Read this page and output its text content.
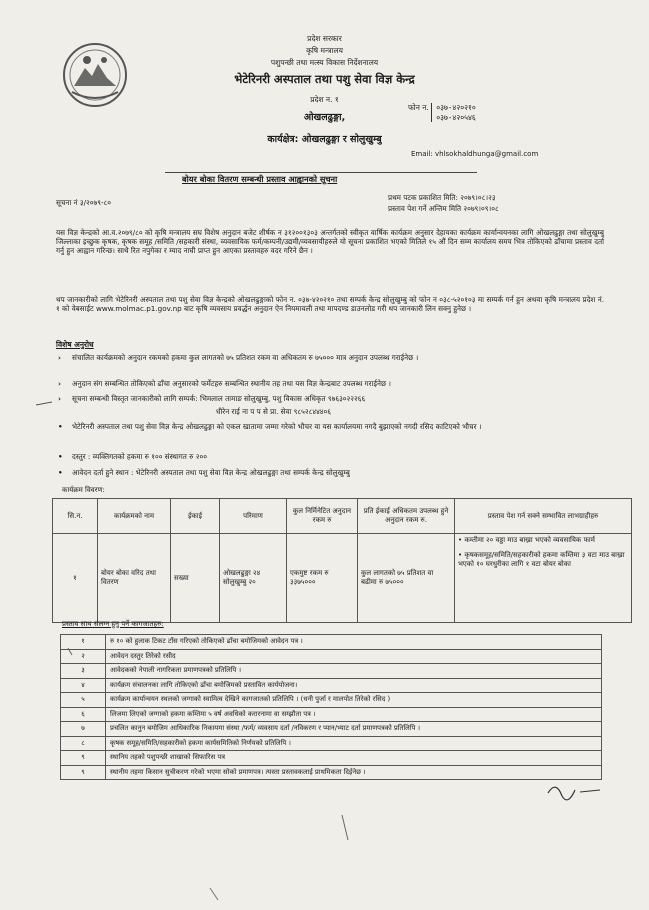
प्रदेश सरकार
कृषि मन्त्रालय
पशुपन्छी तथा मत्स्य विकास निर्देशनालय
भेटेरिनरी अस्पताल तथा पशु सेवा विज्ञ केन्द्र
प्रदेश न. १
ओखलढुङ्गा,
कार्यक्षेत्र: ओखलढुङ्गा र सोलुखुम्बु
फोन न. ०३७-४२०२१०
०३७-४२०५४६
Email: vhlsokhaldhunga@gmail.com
बोयर बोका वितरण सम्बन्धी प्रस्ताव आह्वानको सूचना
सूचना नं ३/२०७९-८०
प्रथम पटक प्रकाशित मिति: २०७९।०८।२३
प्रस्ताव पेश गर्ने अन्तिम मिति २०७९।०९।०८
यस विज्ञ केन्द्रको आ.व.२०७९/८० को कृषि मन्त्रालय सघ विशेष अनुदान बजेट शीर्षक न ३१२००१३०३ अन्तर्गतको स्वीकृत वार्षिक कार्यक्रम अनुसार देहायका कार्यक्रम कार्यान्वयनका लागि ओखलढुङ्गा तथा सोलुखुम्बु जिल्लाका इच्छुक कृषक, कृषक समूह /समिति /सहकारी संस्था, व्यवसायिक फर्म/कम्पनी/उद्यमी/व्यवसायीहरुले यो सूचना प्रकाशित भएको मितिले १५ औं दिन सम्म कार्यालय समय भित्र तोकिएको ढाँचामा प्रस्ताव दर्ता गर्नु हुन आह्वान गरिन्छ। साथै रित नपुगेका र म्याद नाघी प्राप्त हुन आएका प्रस्तावहरु वदर गरिने छैन ।
थप जानकारीको लागि भेटेरिनरी अस्पताल तथा पशु सेवा विज्ञ केन्द्रको ओखलढुङ्गाको फोन न. ०३७-४२०२१० तथा सम्पर्क केन्द्र सोलुखुम्बु को फोन न ०३८-५२०१०३ मा सम्पर्क गर्न हुन अथवा कृषि मन्त्रालय प्रदेश नं. १ को वेबसाईट www.molmac.p1.gov.np बाट कृषि व्यवसाय प्रवर्द्धन अनुदान ऐन नियमावली तथा मापदण्ड डाउनलोड गरी थप जानकारी लिन सक्नु हुनेछ ।
विशेष अनुरोध
› संचालित कार्यक्रमको अनुदान रकमको हकमा कुल लागतको ७५ प्रतिशत रकम वा अधिकतम रु ७५००० मात्र अनुदान उपलब्ध गराईनेछ ।
› अनुदान संग सम्बन्धित तोकिएको ढाँचा अनुसारको फर्मेटहरु सम्बन्धित स्थानीय तह तथा यस विज्ञ केन्द्रबाट उपलब्ध गराईनेछ ।
› सूचना सम्बन्धी विस्तृत जानकारीको लागि सम्पर्क: भिमलाल तामाङ सोलुखुम्बु, पशु विकास अधिकृत ९७६३०२२२६६
धीरेन राई ना प प से प्रा. सेवा ९८५२८४४४०६
• भेटेरिनरी अस्पताल तथा पशु सेवा विज्ञ केन्द्र ओखलढुङ्गा को एकल खातामा जम्मा गरेको भौचर वा यस कार्यालयमा नगदै बुझाएको नगदी रसिद काटिएको भौचर ।
• दस्तुर : व्यक्तिगतको हकमा रु १०० संस्थागत रु २००
• आवेदन दर्ता हुने स्थान : भेटेरिनरी अस्पताल तथा पशु सेवा विज्ञ केन्द्र ओखलढुङ्गा तथा सम्पर्क केन्द्र सोलुखुम्बु
कार्यक्रम विवरण:
सि.न.	कार्यक्रमको नाम	ईकाई	परिमाण	कुल निर्मिनेटित अनुदान रकम रु	प्रति ईकाई अधिकतम उपलब्ध हुने अनुदान रकम रु.	प्रस्ताव पेश गर्न सक्ने सम्भावित लाभग्राहीहरु
१	बोयर बोका वरिद तथा वितरण	सख्या	ओखलढुङ्गा २४ सोलुखुम्बु २०	एकमुष्ट रकम रु ३३७५०००	कुल लागतको ७५ प्रतिशत वा बढीमा रु ७५०००	• कम्तीमा २० वड्डा माउ बाख्रा भएको व्यवसायिक फार्म
• कृषकसमूह/समिति/सहकारीको हकमा कम्तिमा ३ वटा माउ बाख्रा भएको १० घरधुरीका लागि १ वटा बोयर बोका
प्रस्ताव साथ संलग्न हुनु पर्ने कागजातहरु:
१	रु १० को हुलाक टिकट टाँस गरिएको तोकिएको ढाँचा बमोजिमको आवेदन पत्र ।
२	आवेदन दस्तुर तिरेको रसीद
३	आवेदकको नेपाली नागरिकता प्रमाणपत्रको प्रतिलिपि ।
४	कार्यक्रम संचालनका लागि तोकिएको ढाँचा बमोजिमको प्रस्तावित कार्ययोजना।
५	कार्यक्रम कार्यान्वयन स्थलको जग्गाको स्वामित्व देखिने कागजातको प्रतिलिपि । (धनी पुर्जा र मालपोत तिरेको रसिद )
६	लिजमा लिएको जग्गाको हकमा कम्तिमा ५ वर्ष अवधिको करारनामा वा सम्झौता पत्र ।
७	प्रचलित कानुन बमोजिम आधिकारिक निकायमा संस्था /फर्म/ व्यवसाय दर्ता /नविकरण र प्यान/भ्याट दर्ता प्रमाणपत्रको प्रतिलिपि ।
८	कृषक समूह/समिति/सहकारीको हकमा कार्यसमितिको निर्णयको प्रतिलिपि ।
९	स्थानिय तहको पशुपन्छी शाखाको सिफारिस पत्र
९	स्थानीय तहमा किसान सुचीकरण गरेको भएमा सोको प्रमाणपत्र। त्यस्ता प्रस्तावकलाई प्राथमिकता दिईनेछ ।
